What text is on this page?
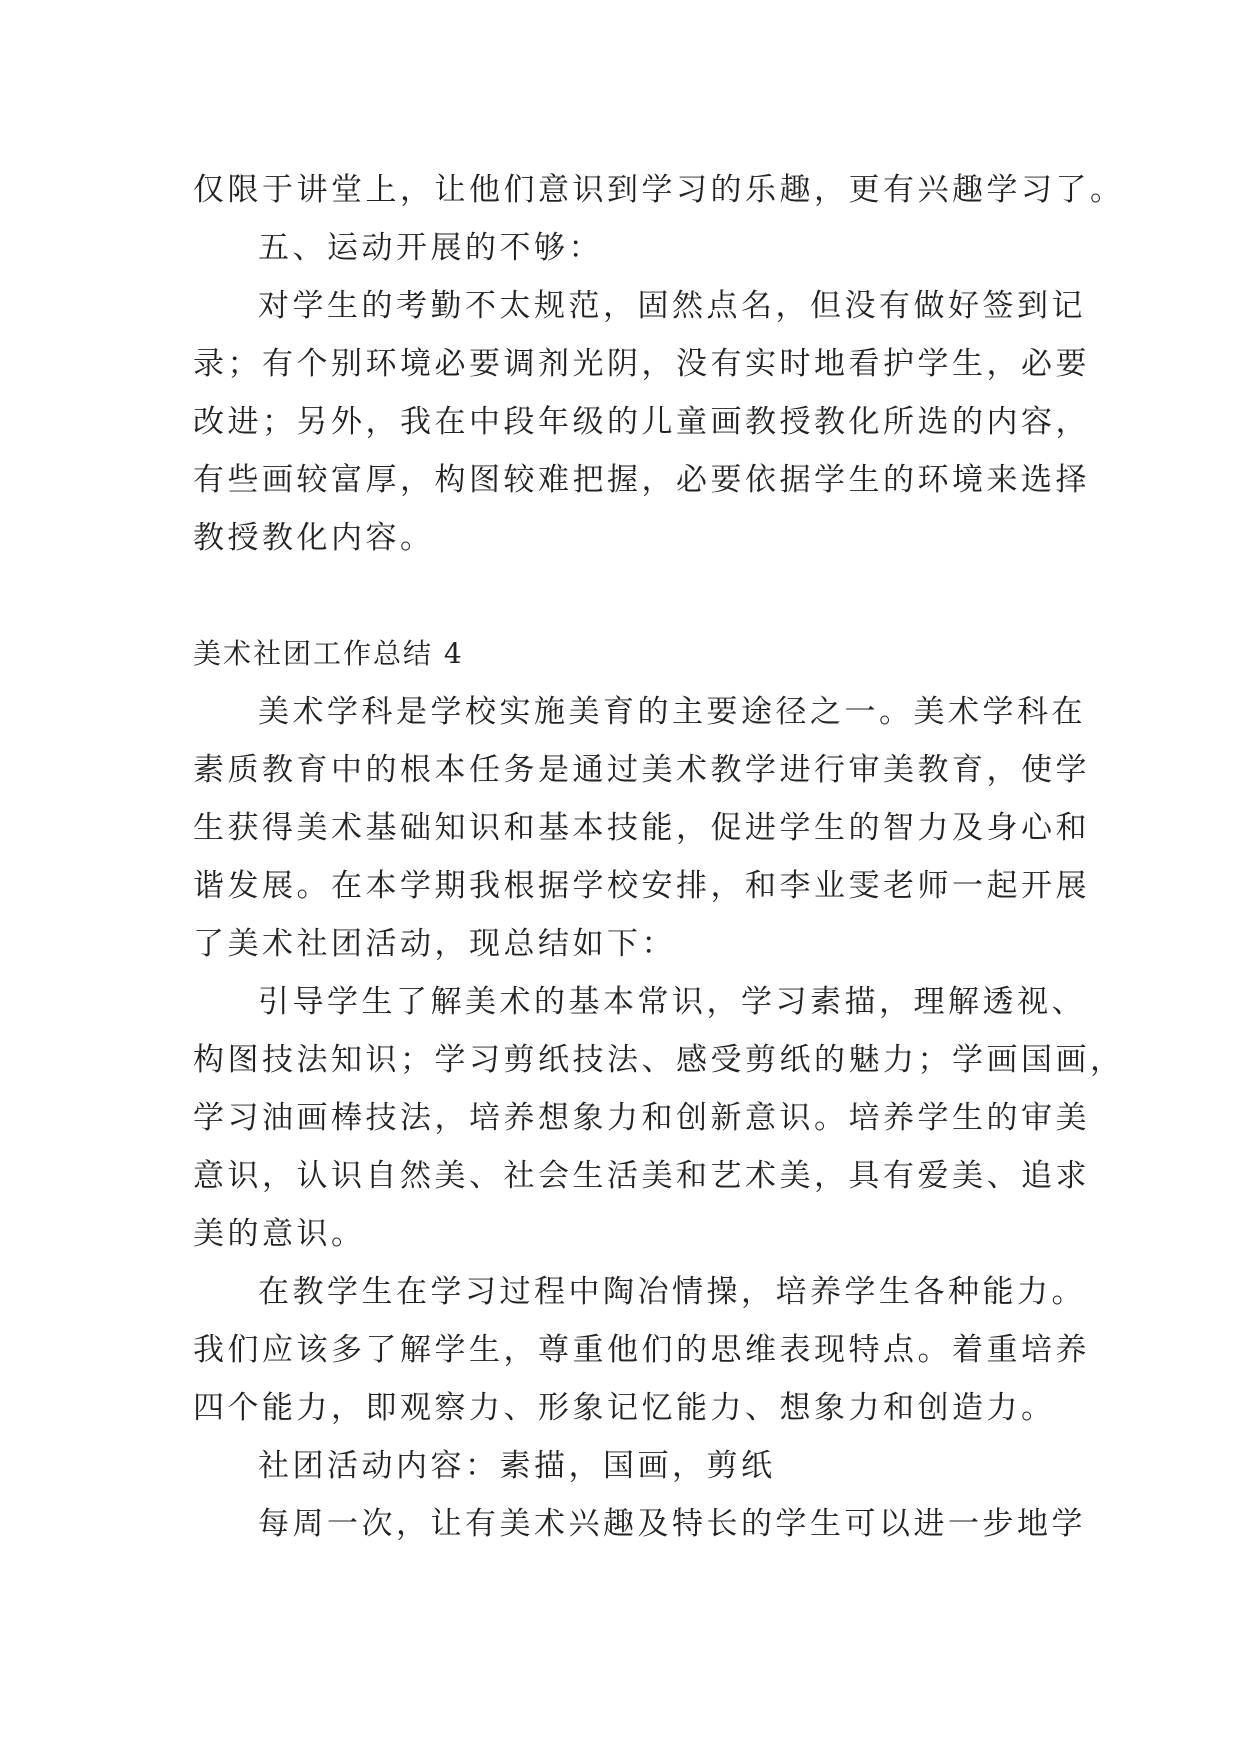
仅限于讲堂上，让他们意识到学习的乐趣，更有兴趣学习了。
五、运动开展的不够：
对学生的考勤不太规范，固然点名，但没有做好签到记
录；有个别环境必要调剂光阴，没有实时地看护学生，必要
改进；另外，我在中段年级的儿童画教授教化所选的内容，
有些画较富厚，构图较难把握，必要依据学生的环境来选择
教授教化内容。
美术社团工作总结 4
美术学科是学校实施美育的主要途径之一。美术学科在
素质教育中的根本任务是通过美术教学进行审美教育，使学
生获得美术基础知识和基本技能，促进学生的智力及身心和
谐发展。在本学期我根据学校安排，和李业雯老师一起开展
了美术社团活动，现总结如下：
引导学生了解美术的基本常识，学习素描，理解透视、
构图技法知识；学习剪纸技法、感受剪纸的魅力；学画国画，
学习油画棒技法，培养想象力和创新意识。培养学生的审美
意识，认识自然美、社会生活美和艺术美，具有爱美、追求
美的意识。
在教学生在学习过程中陶冶情操，培养学生各种能力。
我们应该多了解学生，尊重他们的思维表现特点。着重培养
四个能力，即观察力、形象记忆能力、想象力和创造力。
社团活动内容：素描，国画，剪纸
每周一次，让有美术兴趣及特长的学生可以进一步地学
